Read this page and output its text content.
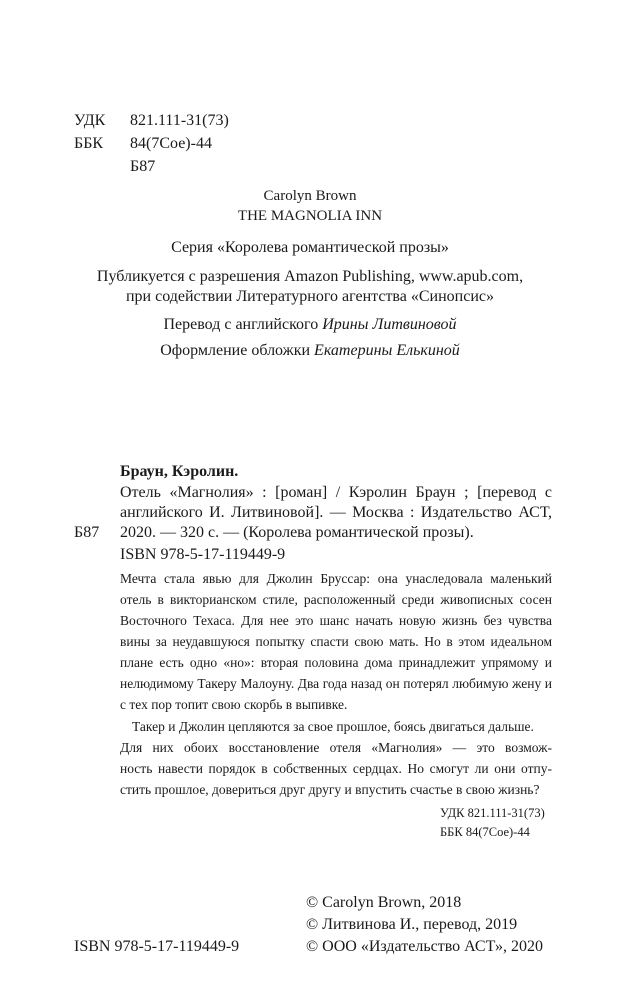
УДК 821.111-31(73)
ББК 84(7Сое)-44
Б87
Carolyn Brown
THE MAGNOLIA INN
Серия «Королева романтической прозы»
Публикуется с разрешения Amazon Publishing, www.apub.com,
при содействии Литературного агентства «Синопсис»
Перевод с английского Ирины Литвиновой
Оформление обложки Екатерины Елькиной
Браун, Кэролин.
Отель «Магнолия» : [роман] / Кэролин Браун ; [перевод с
английского И. Литвиновой]. — Москва : Издательство АСТ,
2020. — 320 с. — (Королева романтической прозы).
Б87
ISBN 978-5-17-119449-9
Мечта стала явью для Джолин Бруссар: она унаследовала маленький
отель в викторианском стиле, расположенный среди живописных сосен
Восточного Техаса. Для нее это шанс начать новую жизнь без чувства
вины за неудавшуюся попытку спасти свою мать. Но в этом идеальном
плане есть одно «но»: вторая половина дома принадлежит упрямому и
нелюдимому Такеру Малоуну. Два года назад он потерял любимую жену и
с тех пор топит свою скорбь в выпивке.
Такер и Джолин цепляются за свое прошлое, боясь двигаться дальше.
Для них обоих восстановление отеля «Магнолия» — это возмож-
ность навести порядок в собственных сердцах. Но смогут ли они отпу-
стить прошлое, довериться друг другу и впустить счастье в свою жизнь?
УДК 821.111-31(73)
ББК 84(7Сое)-44
© Carolyn Brown, 2018
© Литвинова И., перевод, 2019
© ООО «Издательство АСТ», 2020
ISBN 978-5-17-119449-9
